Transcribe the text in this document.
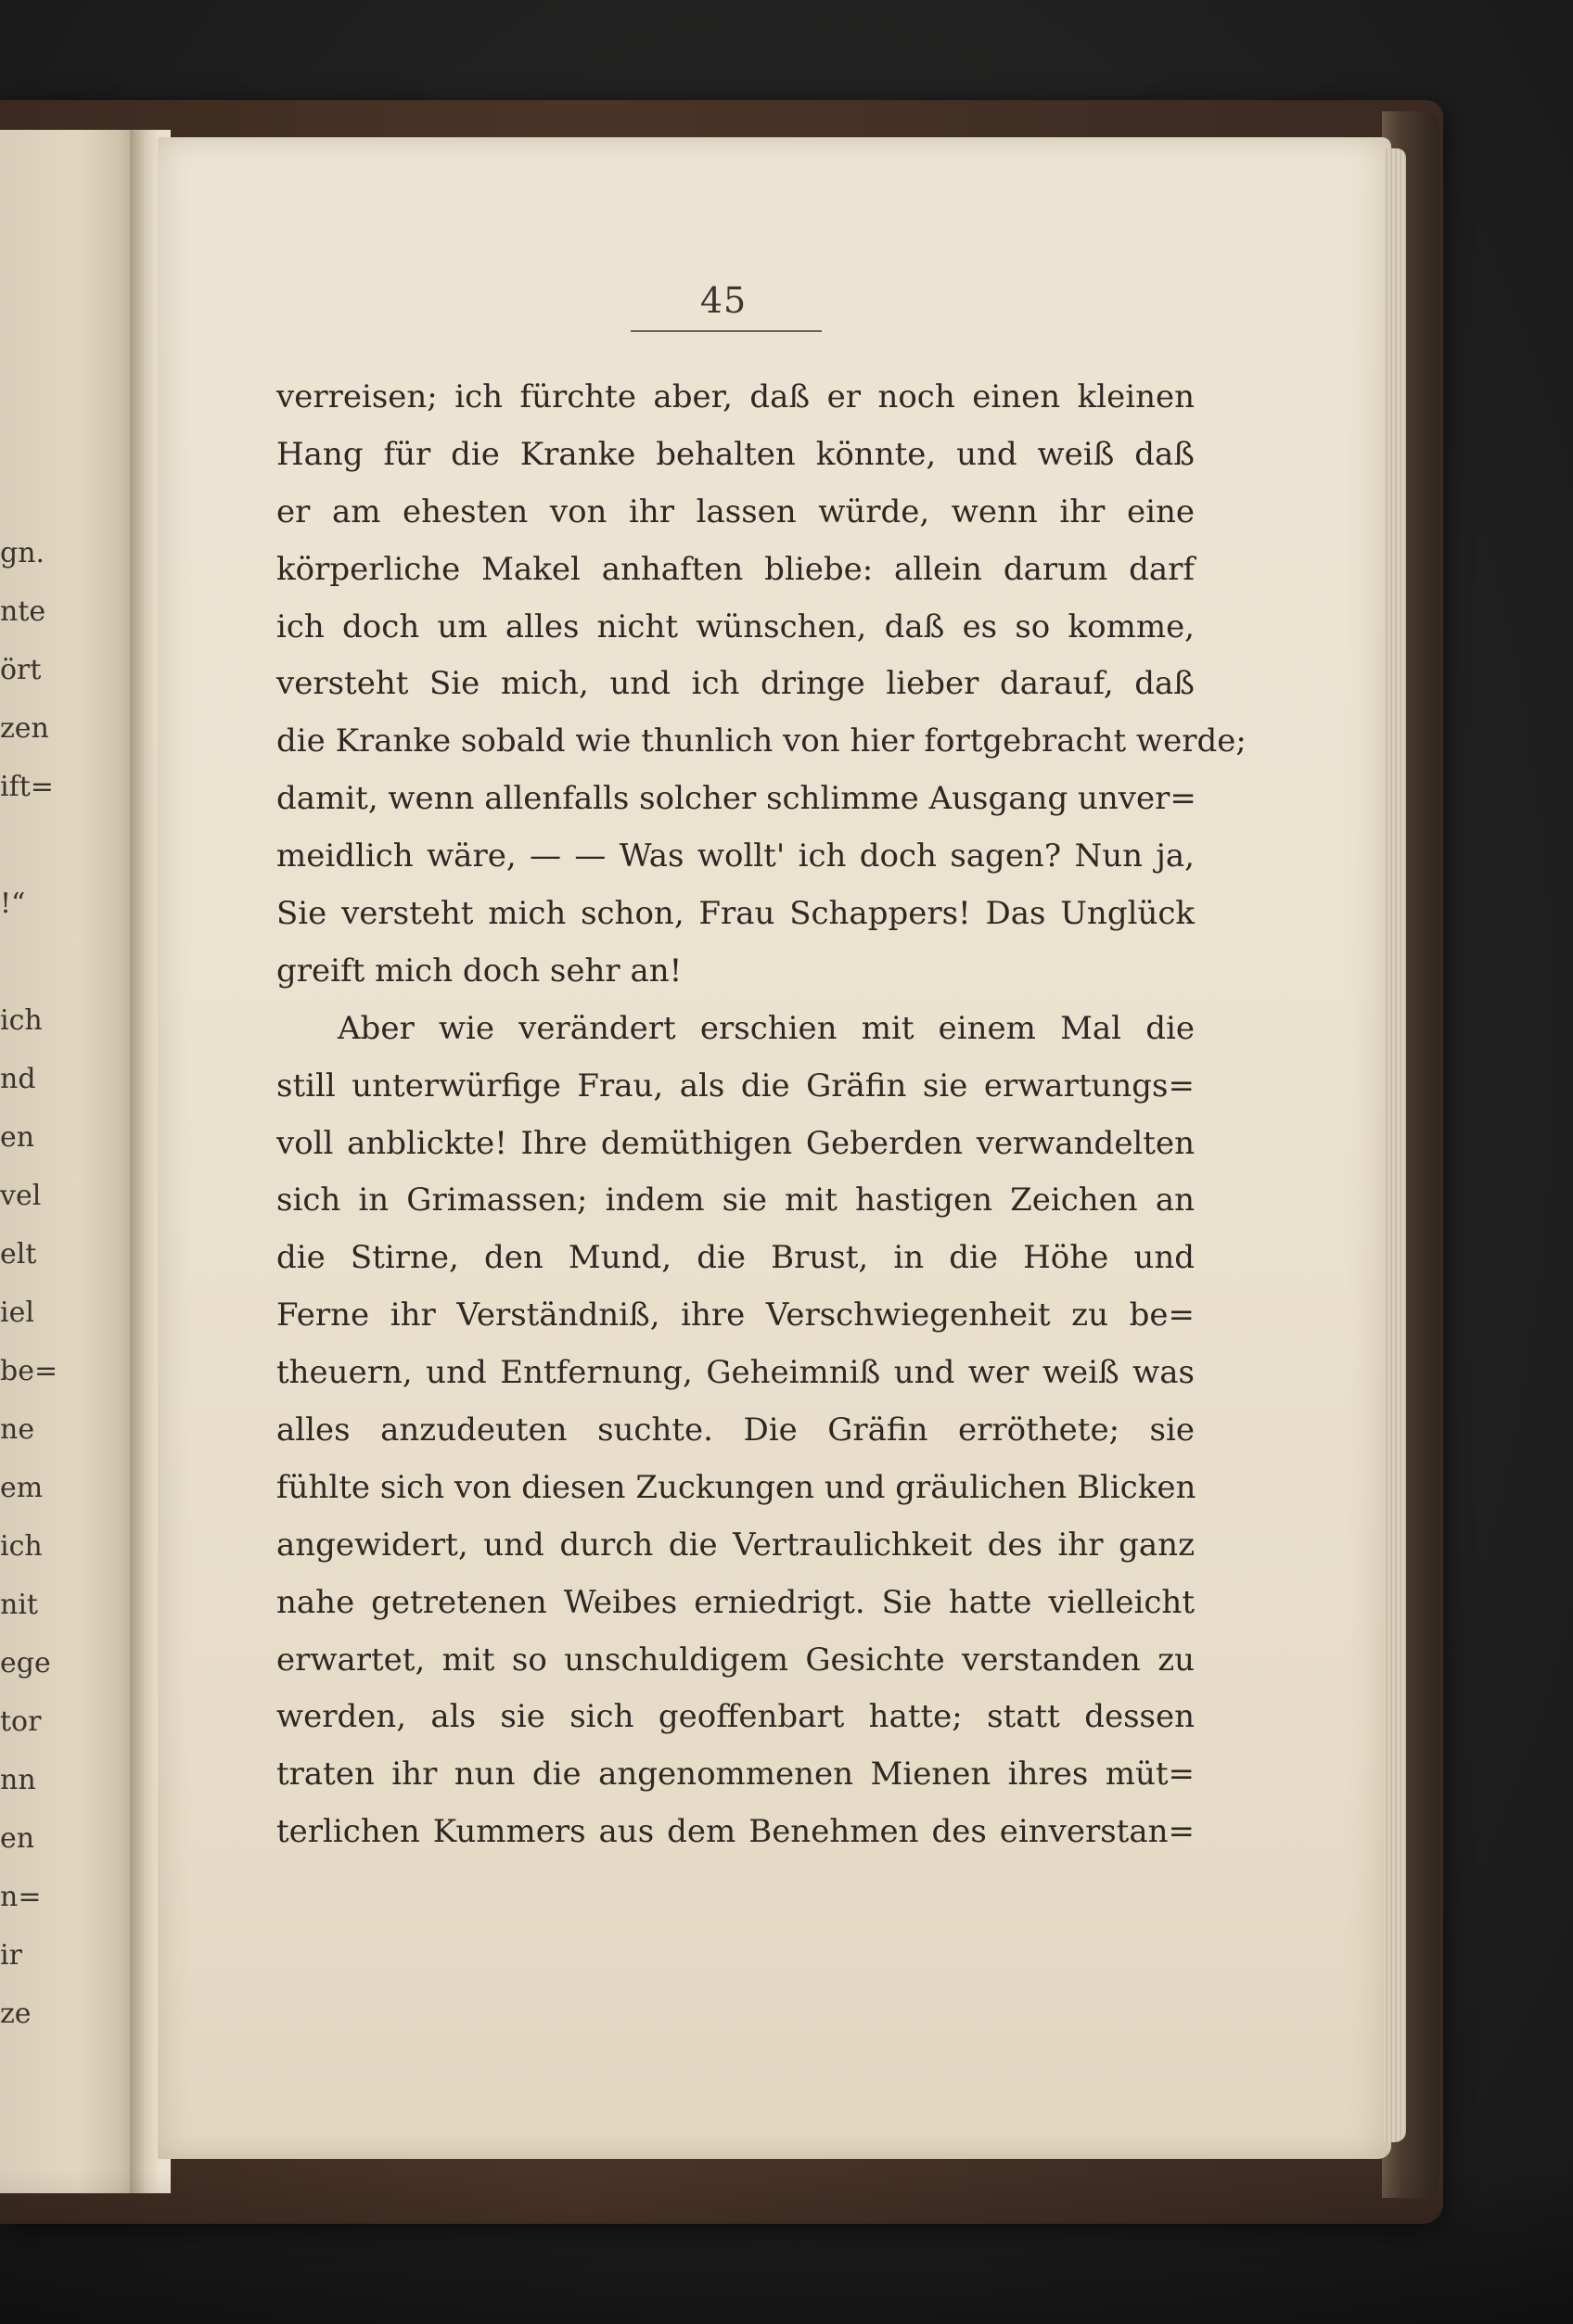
gn.
nte
ört
zen
ift=
!“
ich
nd
en
vel
elt
iel
be=
ne
em
ich
nit
ege
tor
nn
en
n=
ir
ze
45
verreisen; ich fürchte aber, daß er noch einen kleinen
Hang für die Kranke behalten könnte, und weiß daß
er am ehesten von ihr lassen würde, wenn ihr eine
körperliche Makel anhaften bliebe: allein darum darf
ich doch um alles nicht wünschen, daß es so komme,
versteht Sie mich, und ich dringe lieber darauf, daß
die Kranke sobald wie thunlich von hier fortgebracht werde;
damit, wenn allenfalls solcher schlimme Ausgang unver=
meidlich wäre, — — Was wollt' ich doch sagen? Nun ja,
Sie versteht mich schon, Frau Schappers! Das Unglück
greift mich doch sehr an!
Aber wie verändert erschien mit einem Mal die
still unterwürfige Frau, als die Gräfin sie erwartungs=
voll anblickte! Ihre demüthigen Geberden verwandelten
sich in Grimassen; indem sie mit hastigen Zeichen an
die Stirne, den Mund, die Brust, in die Höhe und
Ferne ihr Verständniß, ihre Verschwiegenheit zu be=
theuern, und Entfernung, Geheimniß und wer weiß was
alles anzudeuten suchte. Die Gräfin erröthete; sie
fühlte sich von diesen Zuckungen und gräulichen Blicken
angewidert, und durch die Vertraulichkeit des ihr ganz
nahe getretenen Weibes erniedrigt. Sie hatte vielleicht
erwartet, mit so unschuldigem Gesichte verstanden zu
werden, als sie sich geoffenbart hatte; statt dessen
traten ihr nun die angenommenen Mienen ihres müt=
terlichen Kummers aus dem Benehmen des einverstan=
